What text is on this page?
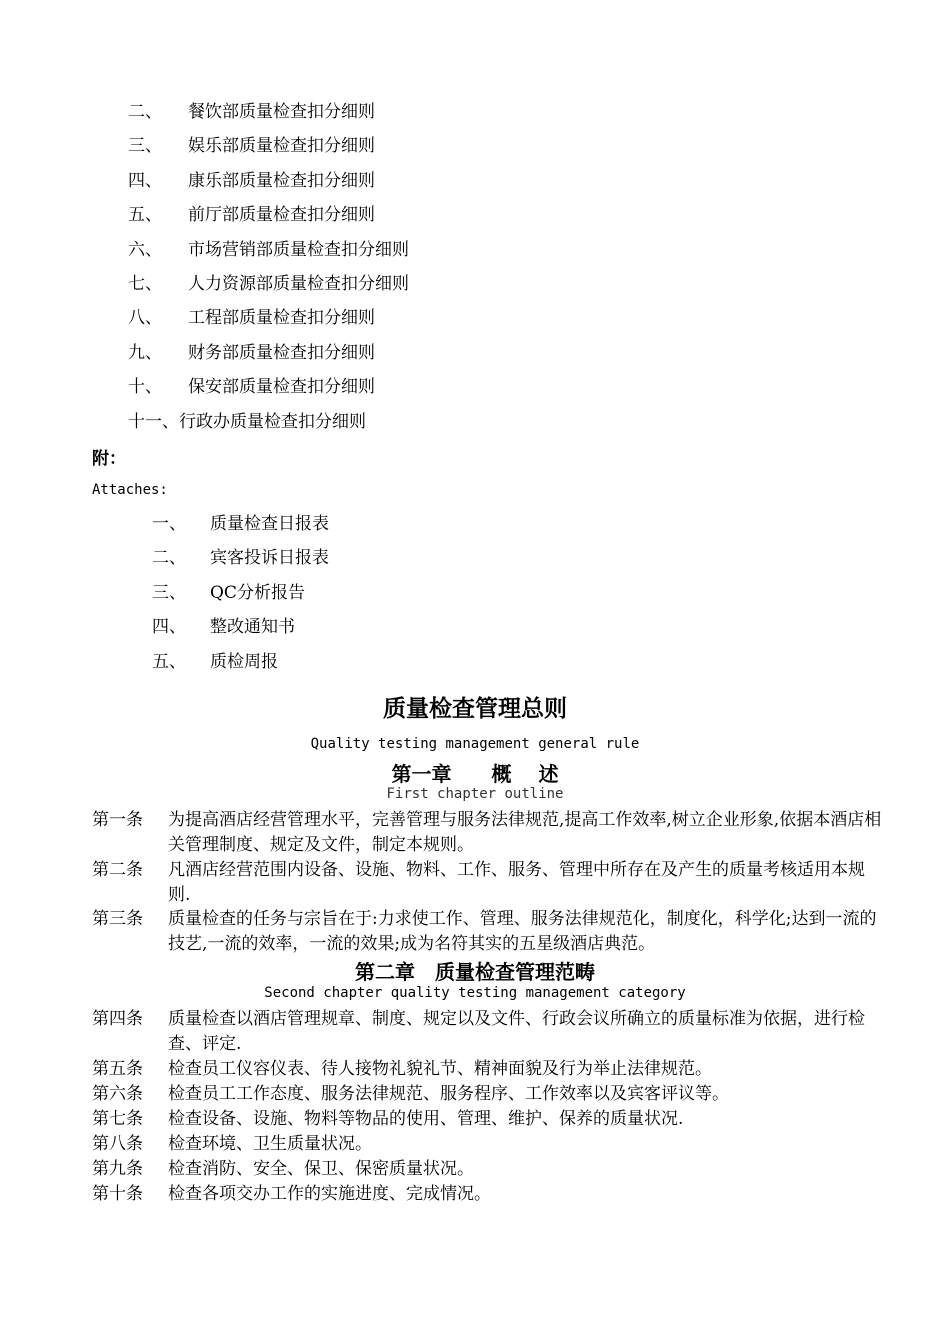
二、 餐饮部质量检查扣分细则
三、 娱乐部质量检查扣分细则
四、 康乐部质量检查扣分细则
五、 前厅部质量检查扣分细则
六、 市场营销部质量检查扣分细则
七、 人力资源部质量检查扣分细则
八、 工程部质量检查扣分细则
九、 财务部质量检查扣分细则
十、 保安部质量检查扣分细则
十一、行政办质量检查扣分细则
附：
Attaches:
一、 质量检查日报表
二、 宾客投诉日报表
三、 QC分析报告
四、 整改通知书
五、 质检周报
质量检查管理总则
Quality testing management general rule
第一章　　概　 述
First chapter outline
第一条 为提高酒店经营管理水平，完善管理与服务法律规范,提高工作效率,树立企业形象,依据本酒店相关管理制度、规定及文件，制定本规则。
第二条 凡酒店经营范围内设备、设施、物料、工作、服务、管理中所存在及产生的质量考核适用本规则.
第三条 质量检查的任务与宗旨在于:力求使工作、管理、服务法律规范化，制度化，科学化;达到一流的技艺,一流的效率，一流的效果;成为名符其实的五星级酒店典范。
第二章　质量检查管理范畴
Second chapter quality testing management category
第四条 质量检查以酒店管理规章、制度、规定以及文件、行政会议所确立的质量标准为依据，进行检查、评定.
第五条 检查员工仪容仪表、待人接物礼貌礼节、精神面貌及行为举止法律规范。
第六条 检查员工工作态度、服务法律规范、服务程序、工作效率以及宾客评议等。
第七条 检查设备、设施、物料等物品的使用、管理、维护、保养的质量状况.
第八条 检查环境、卫生质量状况。
第九条 检查消防、安全、保卫、保密质量状况。
第十条 检查各项交办工作的实施进度、完成情况。
